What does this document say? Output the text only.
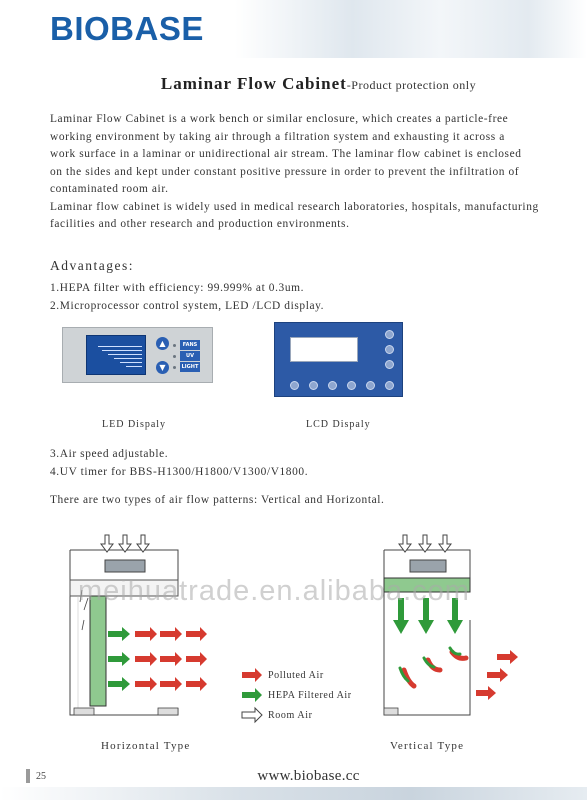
BIOBASE
Laminar Flow Cabinet-Product protection only

Laminar Flow Cabinet is a work bench or similar enclosure, which creates a particle-free

working environment by taking air through a filtration system and exhausting it across a

work surface in a laminar or unidirectional air stream. The laminar flow cabinet is enclosed

on the sides and kept under constant positive pressure in order to prevent the infiltration of

contaminated room air.

Laminar flow cabinet is widely used in medical research laboratories, hospitals, manufacturing

facilities and other research and production environments.

Advantages:

1.HEPA filter with efficiency: 99.999% at 0.3um.

2.Microprocessor control system, LED /LCD display.

▲
▼
FANS
UV
LIGHT
LED Dispaly	LCD Dispaly

3.Air speed adjustable.

4.UV timer for BBS-H1300/H1800/V1300/V1800.

There are two types of air flow patterns: Vertical and Horizontal.
meihuatrade.en.alibaba.com
Polluted Air
HEPA Filtered Air
Room Air
Horizontal Type	Vertical Type
25	www.biobase.cc
